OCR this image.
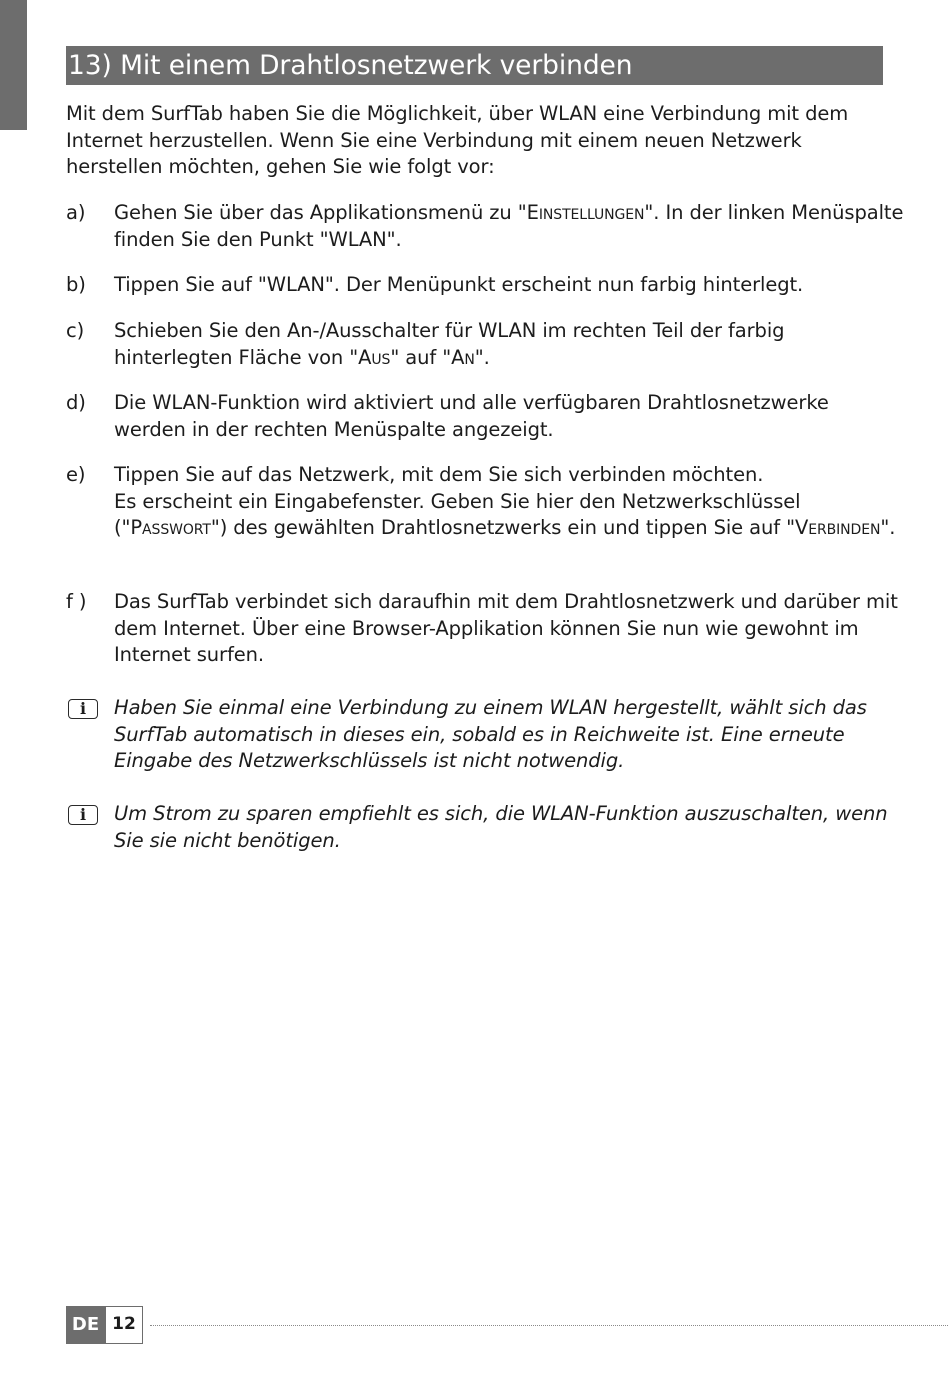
13) Mit einem Drahtlosnetzwerk verbinden

Mit dem SurfTab haben Sie die Möglichkeit, über WLAN eine Verbindung mit dem Internet herzustellen. Wenn Sie eine Verbindung mit einem neuen Netzwerk herstellen möchten, gehen Sie wie folgt vor:

a) Gehen Sie über das Applikationsmenü zu "Einstellungen". In der linken Menüspalte finden Sie den Punkt "WLAN".

b) Tippen Sie auf "WLAN". Der Menüpunkt erscheint nun farbig hinterlegt.

c) Schieben Sie den An-/Ausschalter für WLAN im rechten Teil der farbig hinterlegten Fläche von "Aus" auf "An".

d) Die WLAN-Funktion wird aktiviert und alle verfügbaren Drahtlosnetzwerke werden in der rechten Menüspalte angezeigt.

e) Tippen Sie auf das Netzwerk, mit dem Sie sich verbinden möchten.
Es erscheint ein Eingabefenster. Geben Sie hier den Netzwerkschlüssel ("Passwort") des gewählten Drahtlosnetzwerks ein und tippen Sie auf "Verbinden".

f ) Das SurfTab verbindet sich daraufhin mit dem Drahtlosnetzwerk und darüber mit dem Internet. Über eine Browser-Applikation können Sie nun wie gewohnt im Internet surfen.

i	Haben Sie einmal eine Verbindung zu einem WLAN hergestellt, wählt sich das SurfTab automatisch in dieses ein, sobald es in Reichweite ist. Eine erneute Eingabe des Netzwerkschlüssels ist nicht notwendig.

i	Um Strom zu sparen empfiehlt es sich, die WLAN-Funktion auszuschalten, wenn Sie sie nicht benötigen.

DE 12
